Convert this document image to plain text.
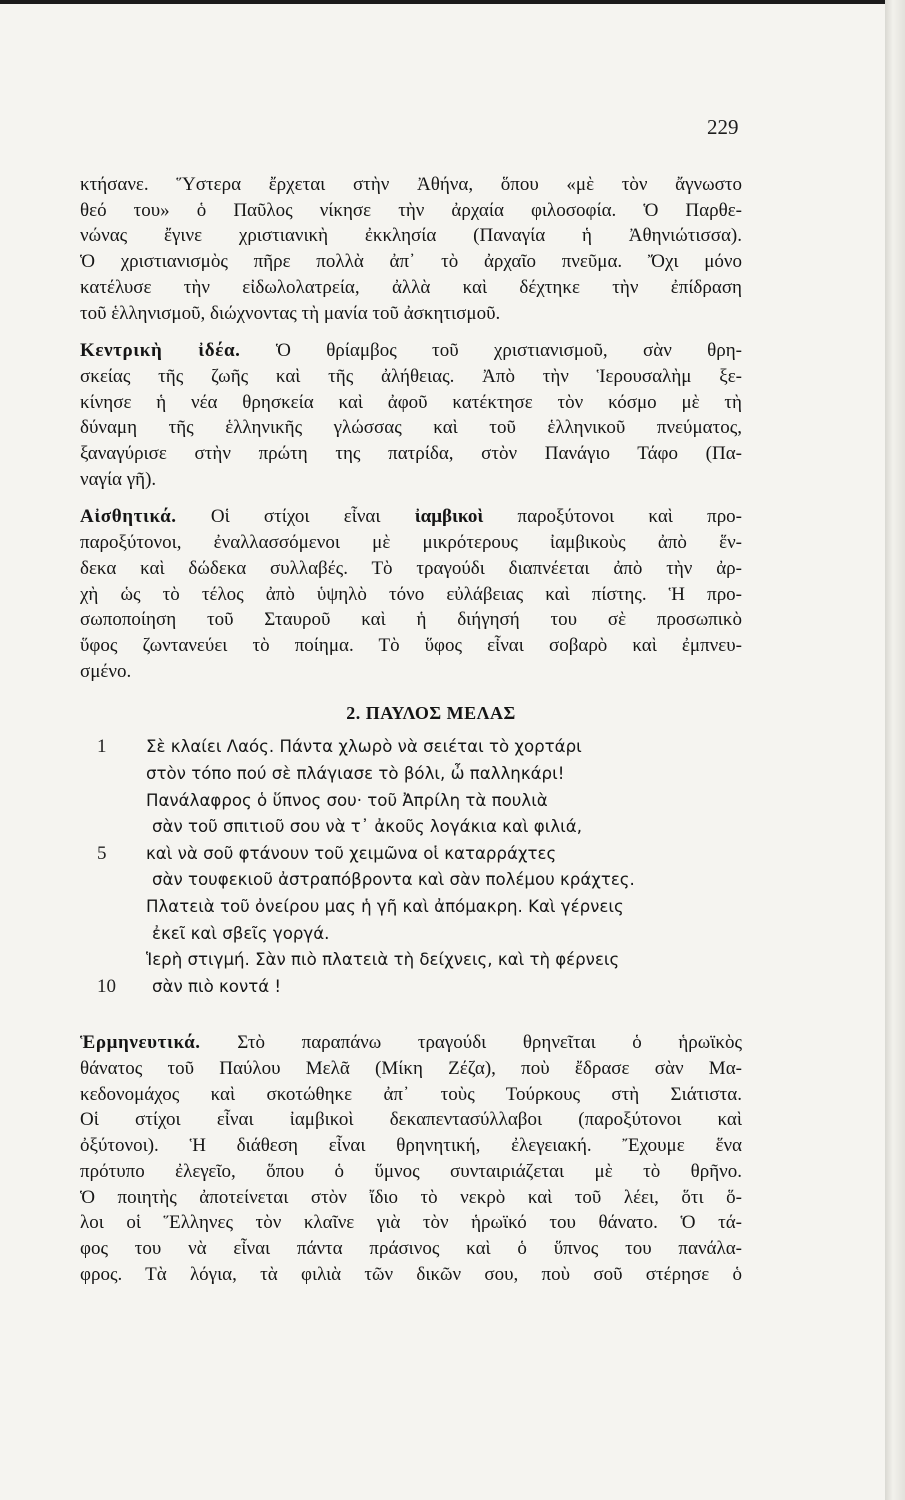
229
κτήσανε. Ὕστερα ἔρχεται στὴν Ἀθήνα, ὅπου «μὲ τὸν ἄγνωστο
θεό του» ὁ Παῦλος νίκησε τὴν ἀρχαία φιλοσοφία. Ὁ Παρθε-
νώνας ἔγινε χριστιανικὴ ἐκκλησία (Παναγία ἡ Ἀθηνιώτισσα).
Ὁ χριστιανισμὸς πῆρε πολλὰ ἀπ᾿ τὸ ἀρχαῖο πνεῦμα. Ὄχι μόνο
κατέλυσε τὴν εἰδωλολατρεία, ἀλλὰ καὶ δέχτηκε τὴν ἐπίδραση
τοῦ ἑλληνισμοῦ, διώχνοντας τὴ μανία τοῦ ἀσκητισμοῦ.
Κεντρικὴ ἰδέα. Ὁ θρίαμβος τοῦ χριστιανισμοῦ, σὰν θρη-
σκείας τῆς ζωῆς καὶ τῆς ἀλήθειας. Ἀπὸ τὴν Ἱερουσαλὴμ ξε-
κίνησε ἡ νέα θρησκεία καὶ ἀφοῦ κατέκτησε τὸν κόσμο μὲ τὴ
δύναμη τῆς ἑλληνικῆς γλώσσας καὶ τοῦ ἑλληνικοῦ πνεύματος,
ξαναγύρισε στὴν πρώτη της πατρίδα, στὸν Πανάγιο Τάφο (Πα-
ναγία γῆ).
Αἰσθητικά. Οἱ στίχοι εἶναι ἰαμβικοὶ παροξύτονοι καὶ προ-
παροξύτονοι, ἐναλλασσόμενοι μὲ μικρότερους ἰαμβικοὺς ἀπὸ ἕν-
δεκα καὶ δώδεκα συλλαβές. Τὸ τραγούδι διαπνέεται ἀπὸ τὴν ἀρ-
χὴ ὡς τὸ τέλος ἀπὸ ὑψηλὸ τόνο εὐλάβειας καὶ πίστης. Ἡ προ-
σωποποίηση τοῦ Σταυροῦ καὶ ἡ διήγησή του σὲ προσωπικὸ
ὕφος ζωντανεύει τὸ ποίημα. Τὸ ὕφος εἶναι σοβαρὸ καὶ ἐμπνευ-
σμένο.
2. ΠΑΥΛΟΣ ΜΕΛΑΣ
1 Σὲ κλαίει Λαός. Πάντα χλωρὸ νὰ σειέται τὸ χορτάρι
στὸν τόπο πού σὲ πλάγιασε τὸ βόλι, ὦ παλληκάρι!
Πανάλαφρος ὁ ὕπνος σου· τοῦ Ἀπρίλη τὰ πουλιὰ
σὰν τοῦ σπιτιοῦ σου νὰ τ᾿ ἀκοῦς λογάκια καὶ φιλιά,
5 καὶ νὰ σοῦ φτάνουν τοῦ χειμῶνα οἱ καταρράχτες
σὰν τουφεκιοῦ ἀστραπόβροντα καὶ σὰν πολέμου κράχτες.
Πλατειὰ τοῦ ὀνείρου μας ἡ γῆ καὶ ἀπόμακρη. Καὶ γέρνεις
ἐκεῖ καὶ σβεῖς γοργά.
Ἱερὴ στιγμή. Σὰν πιὸ πλατειὰ τὴ δείχνεις, καὶ τὴ φέρνεις
10 σὰν πιὸ κοντά !
Ἑρμηνευτικά. Στὸ παραπάνω τραγούδι θρηνεῖται ὁ ἡρωϊκὸς
θάνατος τοῦ Παύλου Μελᾶ (Μίκη Ζέζα), ποὺ ἔδρασε σὰν Μα-
κεδονομάχος καὶ σκοτώθηκε ἀπ᾿ τοὺς Τούρκους στὴ Σιάτιστα.
Οἱ στίχοι εἶναι ἰαμβικοὶ δεκαπεντασύλλαβοι (παροξύτονοι καὶ
ὀξύτονοι). Ἡ διάθεση εἶναι θρηνητική, ἐλεγειακή. Ἔχουμε ἕνα
πρότυπο ἐλεγεῖο, ὅπου ὁ ὕμνος συνταιριάζεται μὲ τὸ θρῆνο.
Ὁ ποιητὴς ἀποτείνεται στὸν ἴδιο τὸ νεκρὸ καὶ τοῦ λέει, ὅτι ὅ-
λοι οἱ Ἕλληνες τὸν κλαῖνε γιὰ τὸν ἡρωϊκό του θάνατο. Ὁ τά-
φος του νὰ εἶναι πάντα πράσινος καὶ ὁ ὕπνος του πανάλα-
φρος. Τὰ λόγια, τὰ φιλιὰ τῶν δικῶν σου, ποὺ σοῦ στέρησε ὁ
